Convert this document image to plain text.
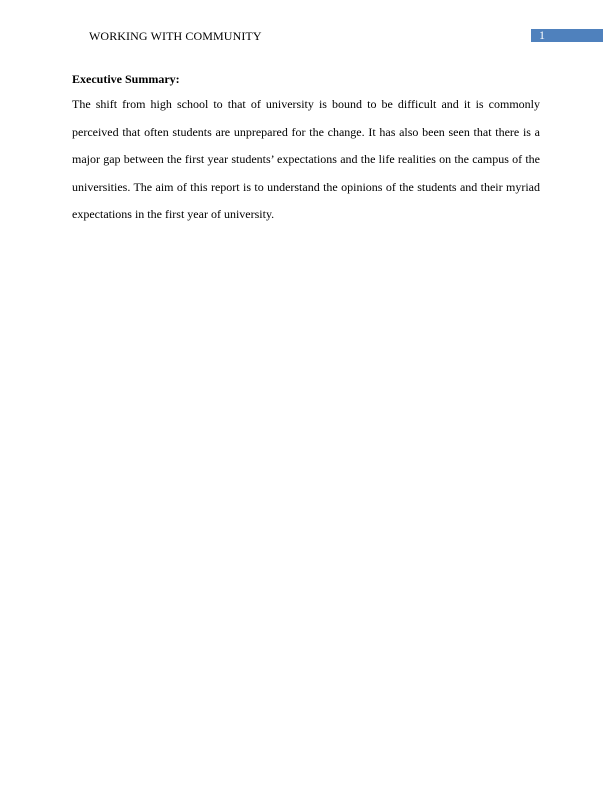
WORKING WITH COMMUNITY	1
Executive Summary:

The shift from high school to that of university is bound to be difficult and it is commonly perceived that often students are unprepared for the change. It has also been seen that there is a major gap between the first year students’ expectations and the life realities on the campus of the universities. The aim of this report is to understand the opinions of the students and their myriad expectations in the first year of university.
